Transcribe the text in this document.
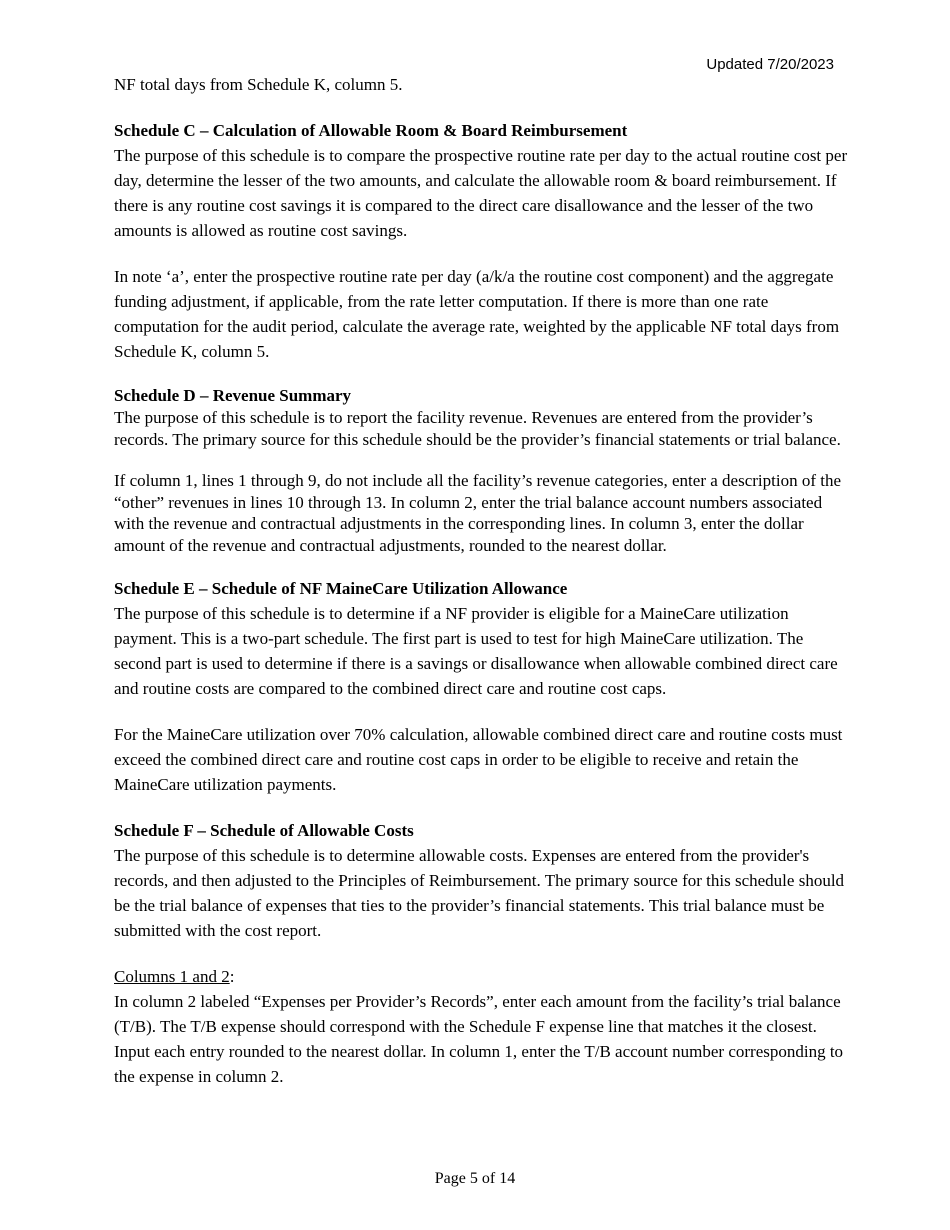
Updated 7/20/2023

NF total days from Schedule K, column 5.

Schedule C – Calculation of Allowable Room & Board Reimbursement

The purpose of this schedule is to compare the prospective routine rate per day to the actual routine cost per day, determine the lesser of the two amounts, and calculate the allowable room & board reimbursement. If there is any routine cost savings it is compared to the direct care disallowance and the lesser of the two amounts is allowed as routine cost savings.

In note ‘a’, enter the prospective routine rate per day (a/k/a the routine cost component) and the aggregate funding adjustment, if applicable, from the rate letter computation. If there is more than one rate computation for the audit period, calculate the average rate, weighted by the applicable NF total days from Schedule K, column 5.

Schedule D – Revenue Summary

The purpose of this schedule is to report the facility revenue. Revenues are entered from the provider’s records. The primary source for this schedule should be the provider’s financial statements or trial balance.

If column 1, lines 1 through 9, do not include all the facility’s revenue categories, enter a description of the “other” revenues in lines 10 through 13. In column 2, enter the trial balance account numbers associated with the revenue and contractual adjustments in the corresponding lines. In column 3, enter the dollar amount of the revenue and contractual adjustments, rounded to the nearest dollar.

Schedule E – Schedule of NF MaineCare Utilization Allowance

The purpose of this schedule is to determine if a NF provider is eligible for a MaineCare utilization payment. This is a two-part schedule. The first part is used to test for high MaineCare utilization. The second part is used to determine if there is a savings or disallowance when allowable combined direct care and routine costs are compared to the combined direct care and routine cost caps.

For the MaineCare utilization over 70% calculation, allowable combined direct care and routine costs must exceed the combined direct care and routine cost caps in order to be eligible to receive and retain the MaineCare utilization payments.

Schedule F – Schedule of Allowable Costs

The purpose of this schedule is to determine allowable costs. Expenses are entered from the provider's records, and then adjusted to the Principles of Reimbursement. The primary source for this schedule should be the trial balance of expenses that ties to the provider’s financial statements. This trial balance must be submitted with the cost report.

Columns 1 and 2:

In column 2 labeled “Expenses per Provider’s Records”, enter each amount from the facility’s trial balance (T/B). The T/B expense should correspond with the Schedule F expense line that matches it the closest. Input each entry rounded to the nearest dollar. In column 1, enter the T/B account number corresponding to the expense in column 2.

Page 5 of 14
